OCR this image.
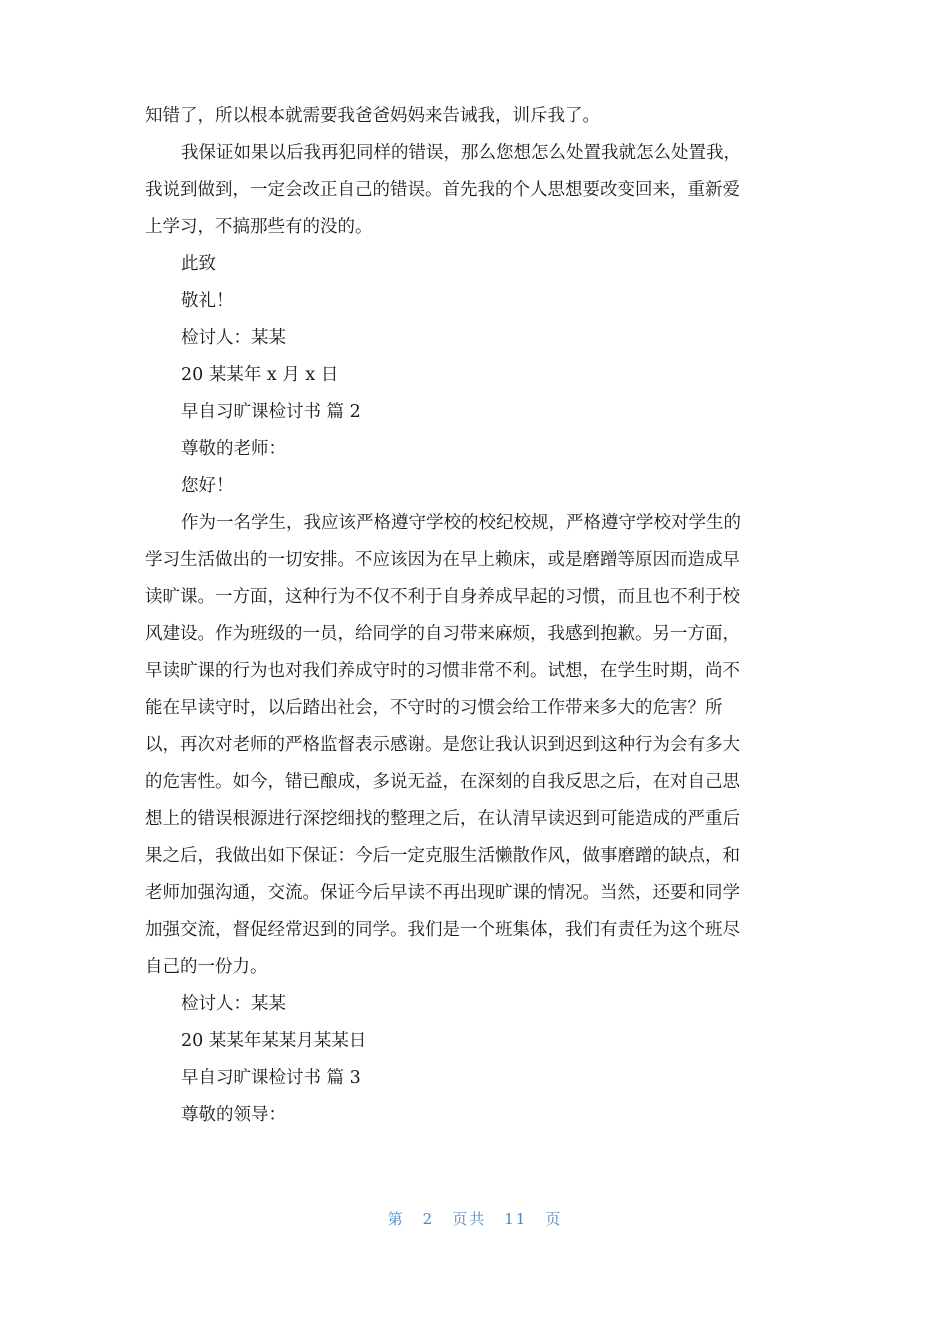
知错了，所以根本就需要我爸爸妈妈来告诫我，训斥我了。

我保证如果以后我再犯同样的错误，那么您想怎么处置我就怎么处置我，

我说到做到，一定会改正自己的错误。首先我的个人思想要改变回来，重新爱

上学习，不搞那些有的没的。

此致

敬礼！

检讨人：某某

20 某某年 x 月 x 日

早自习旷课检讨书 篇 2

尊敬的老师：

您好！

作为一名学生，我应该严格遵守学校的校纪校规，严格遵守学校对学生的

学习生活做出的一切安排。不应该因为在早上赖床，或是磨蹭等原因而造成早

读旷课。一方面，这种行为不仅不利于自身养成早起的习惯，而且也不利于校

风建设。作为班级的一员，给同学的自习带来麻烦，我感到抱歉。另一方面，

早读旷课的行为也对我们养成守时的习惯非常不利。试想，在学生时期，尚不

能在早读守时，以后踏出社会，不守时的习惯会给工作带来多大的危害？所

以，再次对老师的严格监督表示感谢。是您让我认识到迟到这种行为会有多大

的危害性。如今，错已酿成，多说无益，在深刻的自我反思之后，在对自己思

想上的错误根源进行深挖细找的整理之后，在认清早读迟到可能造成的严重后

果之后，我做出如下保证：今后一定克服生活懒散作风，做事磨蹭的缺点，和

老师加强沟通，交流。保证今后早读不再出现旷课的情况。当然，还要和同学

加强交流，督促经常迟到的同学。我们是一个班集体，我们有责任为这个班尽

自己的一份力。

检讨人：某某

20 某某年某某月某某日

早自习旷课检讨书 篇 3

尊敬的领导：

第 2 页共 11 页
